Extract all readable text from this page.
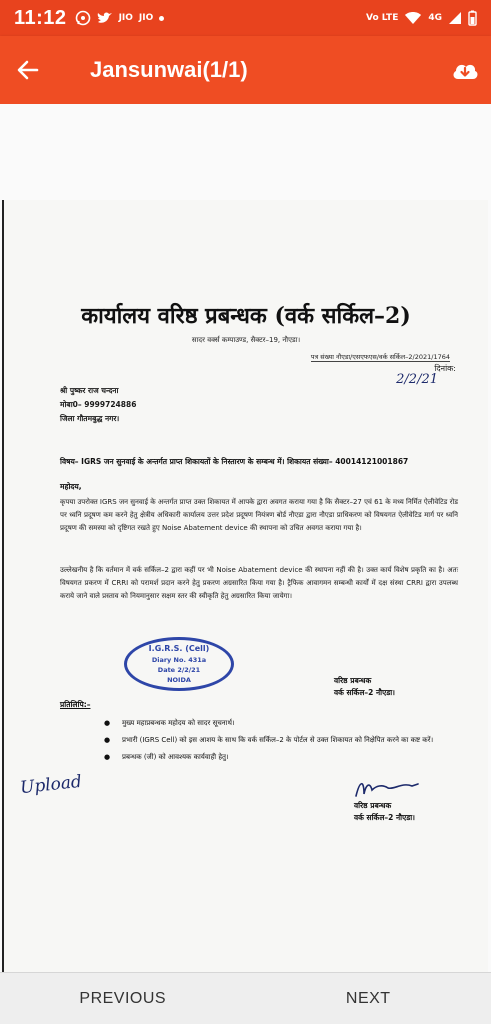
11:12	JIO JIO	Vo LTE	4G
Jansunwai(1/1)
कार्यालय वरिष्ठ प्रबन्धक (वर्क सर्किल–2)
सादर वर्क्स कम्पाउण्ड, सैक्टर–19, नौएडा।
पत्र संख्या नौएडा/एसएफएस/वर्क सर्किल–2/2021/1764
दिनांक:
2/2/21
श्री पुष्कर राज चन्दना
मोबा0– 9999724886
जिला गौतमबुद्ध नगर।
विषय– IGRS जन सुनवाई के अन्तर्गत प्राप्त शिकायतों के निस्तारण के सम्बन्ध में। शिकायत संख्या– 40014121001867
महोदय,
कृपया उपरोक्त IGRS जन सुनवाई के अन्तर्गत प्राप्त उक्त शिकायत में आपके द्वारा अवगत कराया गया है कि सैक्टर–27 एवं 61 के मध्य निर्मित ऐलीवेटिड रोड पर ध्वनि प्रदूषण कम करने हेतु क्षेत्रीय अधिकारी कार्यालय उत्तर प्रदेश प्रदूषण नियंत्रण बोर्ड नौएडा द्वारा नौएडा प्राधिकरण को विषयगत ऐलीवेटिड मार्ग पर ध्वनि प्रदूषण की समस्या को दृष्टिगत रखते हुए Noise Abatement device की स्थापना को उचित अवगत कराया गया है।
उल्लेखनीय है कि वर्तमान में वर्क सर्किल–2 द्वारा कहीं पर भी Noise Abatement device की स्थापना नहीं की है। उक्त कार्य विशेष प्रकृति का है। अतः विषयगत प्रकरण में CRRI को परामर्श प्रदान करने हेतु प्रकरण अग्रसारित किया गया है। ट्रैफिक आवागमन सम्बन्धी कार्यों में दक्ष संस्था CRRI द्वारा उपलब्ध कराये जाने वाले प्रस्ताव को नियमानुसार सक्षम स्तर की स्वीकृति हेतु अग्रसारित किया जायेगा।
I.G.R.S. (Cell)
Diary No. 431a
Date 2/2/21
NOIDA	वरिष्ठ प्रबन्धक
वर्क सर्किल–2 नौएडा।
प्रतिलिपि:–
● मुख्य महाप्रबन्धक महोदय को सादर सूचनार्थ।
● प्रभारी (IGRS Cell) को इस आशय के साथ कि वर्क सर्किल–2 के पोर्टल से उक्त शिकायत को निक्षेपित करने का कष्ट करें।
● प्रबन्धक (जी) को आवश्यक कार्यवाही हेतु।
Upload
वरिष्ठ प्रबन्धक
वर्क सर्किल–2 नौएडा।
PREVIOUS	NEXT
